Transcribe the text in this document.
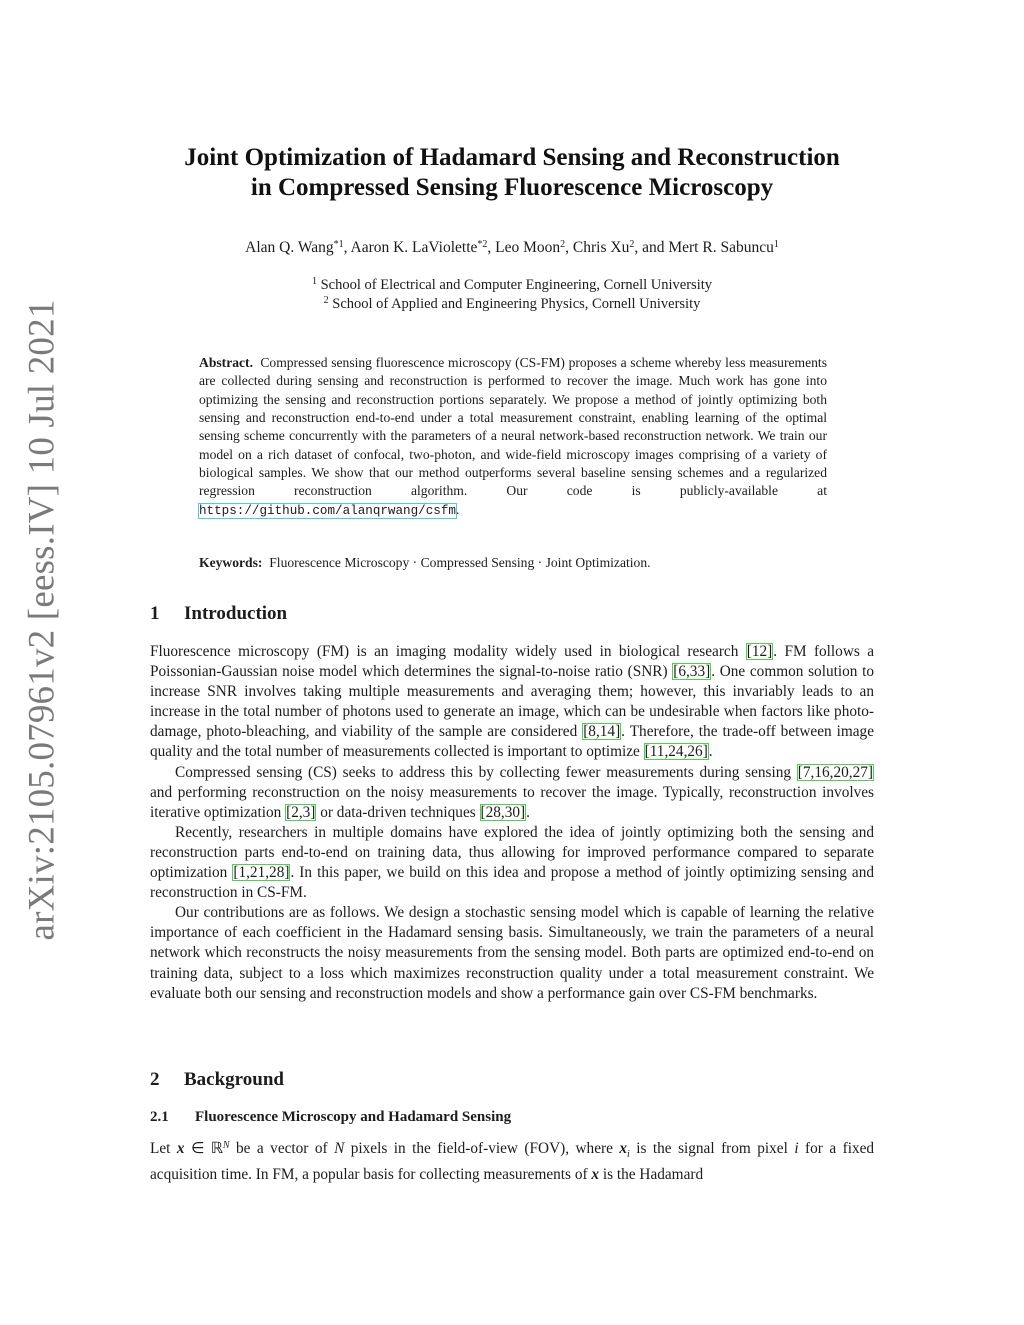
arXiv:2105.07961v2 [eess.IV] 10 Jul 2021
Joint Optimization of Hadamard Sensing and Reconstruction
in Compressed Sensing Fluorescence Microscopy
Alan Q. Wang$^{*1}$, Aaron K. LaViolette$^{*2}$, Leo Moon$^2$, Chris Xu$^2$, and Mert R. Sabuncu$^1$
$^1$ School of Electrical and Computer Engineering, Cornell University
$^2$ School of Applied and Engineering Physics, Cornell University
Abstract. Compressed sensing fluorescence microscopy (CS-FM) proposes a scheme whereby less measurements are collected during sensing and reconstruction is performed to recover the image. Much work has gone into optimizing the sensing and reconstruction portions separately. We propose a method of jointly optimizing both sensing and reconstruction end-to-end under a total measurement constraint, enabling learning of the optimal sensing scheme concurrently with the parameters of a neural network-based reconstruction network. We train our model on a rich dataset of confocal, two-photon, and wide-field microscopy images comprising of a variety of biological samples. We show that our method outperforms several baseline sensing schemes and a regularized regression reconstruction algorithm. Our code is publicly-available at https://github.com/alanqrwang/csfm.
Keywords: Fluorescence Microscopy · Compressed Sensing · Joint Optimization.
1 Introduction

Fluorescence microscopy (FM) is an imaging modality widely used in biological research [12]. FM follows a Poissonian-Gaussian noise model which determines the signal-to-noise ratio (SNR) [6,33]. One common solution to increase SNR involves taking multiple measurements and averaging them; however, this invariably leads to an increase in the total number of photons used to generate an image, which can be undesirable when factors like photo-damage, photo-bleaching, and viability of the sample are considered [8,14]. Therefore, the trade-off between image quality and the total number of measurements collected is important to optimize [11,24,26].

Compressed sensing (CS) seeks to address this by collecting fewer measurements during sensing [7,16,20,27] and performing reconstruction on the noisy measurements to recover the image. Typically, reconstruction involves iterative optimization [2,3] or data-driven techniques [28,30].

Recently, researchers in multiple domains have explored the idea of jointly optimizing both the sensing and reconstruction parts end-to-end on training data, thus allowing for improved performance compared to separate optimization [1,21,28]. In this paper, we build on this idea and propose a method of jointly optimizing sensing and reconstruction in CS-FM.

Our contributions are as follows. We design a stochastic sensing model which is capable of learning the relative importance of each coefficient in the Hadamard sensing basis. Simultaneously, we train the parameters of a neural network which reconstructs the noisy measurements from the sensing model. Both parts are optimized end-to-end on training data, subject to a loss which maximizes reconstruction quality under a total measurement constraint. We evaluate both our sensing and reconstruction models and show a performance gain over CS-FM benchmarks.

2 Background
2.1 Fluorescence Microscopy and Hadamard Sensing

Let x ∈ ℝ$^N$ be a vector of N pixels in the field-of-view (FOV), where $x_i$ is the signal from pixel i for a fixed acquisition time. In FM, a popular basis for collecting measurements of x is the Hadamard
